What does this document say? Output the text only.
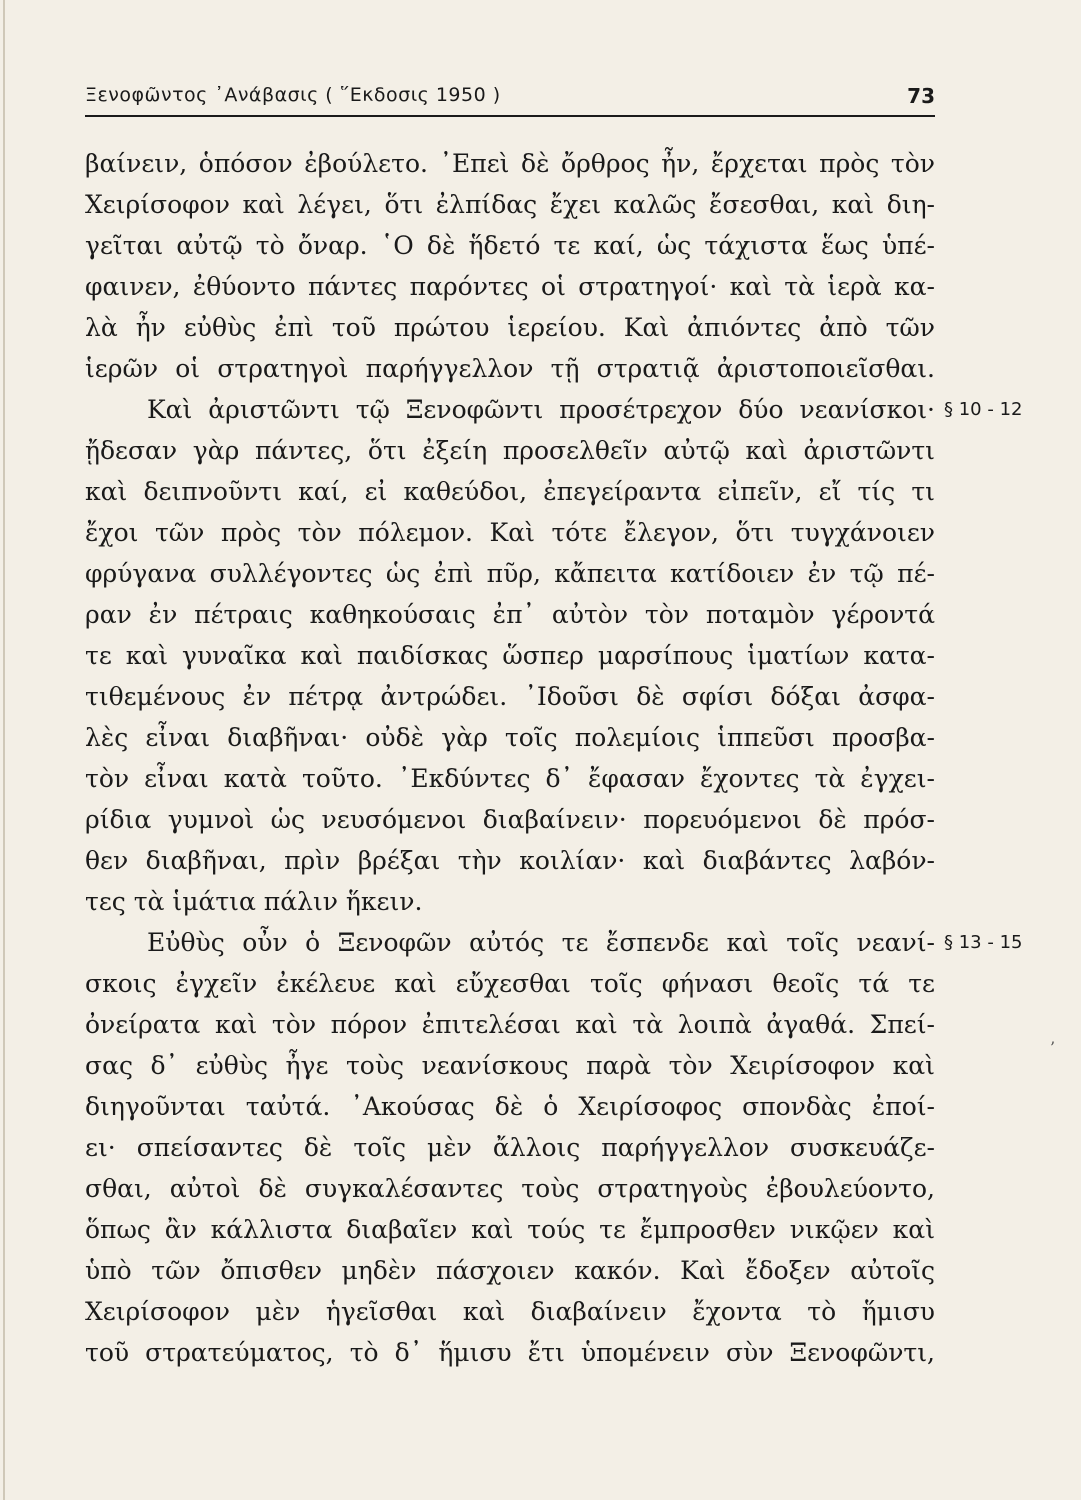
Ξενοφῶντος ᾿Ανάβασις ( ῞Εκδοσις 1950 )	73
βαίνειν, ὁπόσον ἐβούλετο. ᾿Επεὶ δὲ ὄρθρος ἦν, ἔρχεται πρὸς τὸν
Χειρίσοφον καὶ λέγει, ὅτι ἐλπίδας ἔχει καλῶς ἔσεσθαι, καὶ διη-
γεῖται αὐτῷ τὸ ὄναρ. ῾Ο δὲ ἥδετό τε καί, ὡς τάχιστα ἕως ὑπέ-
φαινεν, ἐθύοντο πάντες παρόντες οἱ στρατηγοί· καὶ τὰ ἱερὰ κα-
λὰ ἦν εὐθὺς ἐπὶ τοῦ πρώτου ἱερείου. Καὶ ἀπιόντες ἀπὸ τῶν
ἱερῶν οἱ στρατηγοὶ παρήγγελλον τῇ στρατιᾷ ἀριστοποιεῖσθαι.
Καὶ ἀριστῶντι τῷ Ξενοφῶντι προσέτρεχον δύο νεανίσκοι·
ᾔδεσαν γὰρ πάντες, ὅτι ἐξείη προσελθεῖν αὐτῷ καὶ ἀριστῶντι
καὶ δειπνοῦντι καί, εἰ καθεύδοι, ἐπεγείραντα εἰπεῖν, εἴ τίς τι
ἔχοι τῶν πρὸς τὸν πόλεμον. Καὶ τότε ἔλεγον, ὅτι τυγχάνοιεν
φρύγανα συλλέγοντες ὡς ἐπὶ πῦρ, κἄπειτα κατίδοιεν ἐν τῷ πέ-
ραν ἐν πέτραις καθηκούσαις ἐπ᾿ αὐτὸν τὸν ποταμὸν γέροντά
τε καὶ γυναῖκα καὶ παιδίσκας ὥσπερ μαρσίπους ἱματίων κατα-
τιθεμένους ἐν πέτρᾳ ἀντρώδει. ᾿Ιδοῦσι δὲ σφίσι δόξαι ἀσφα-
λὲς εἶναι διαβῆναι· οὐδὲ γὰρ τοῖς πολεμίοις ἱππεῦσι προσβα-
τὸν εἶναι κατὰ τοῦτο. ᾿Εκδύντες δ᾿ ἔφασαν ἔχοντες τὰ ἐγχει-
ρίδια γυμνοὶ ὡς νευσόμενοι διαβαίνειν· πορευόμενοι δὲ πρόσ-
θεν διαβῆναι, πρὶν βρέξαι τὴν κοιλίαν· καὶ διαβάντες λαβόν-
τες τὰ ἱμάτια πάλιν ἥκειν.
Εὐθὺς οὖν ὁ Ξενοφῶν αὐτός τε ἔσπενδε καὶ τοῖς νεανί-
σκοις ἐγχεῖν ἐκέλευε καὶ εὔχεσθαι τοῖς φήνασι θεοῖς τά τε
ὀνείρατα καὶ τὸν πόρον ἐπιτελέσαι καὶ τὰ λοιπὰ ἀγαθά. Σπεί-
σας δ᾿ εὐθὺς ἦγε τοὺς νεανίσκους παρὰ τὸν Χειρίσοφον καὶ
διηγοῦνται ταὐτά. ᾿Ακούσας δὲ ὁ Χειρίσοφος σπονδὰς ἐποί-
ει· σπείσαντες δὲ τοῖς μὲν ἄλλοις παρήγγελλον συσκευάζε-
σθαι, αὐτοὶ δὲ συγκαλέσαντες τοὺς στρατηγοὺς ἐβουλεύοντο,
ὅπως ἂν κάλλιστα διαβαῖεν καὶ τούς τε ἔμπροσθεν νικῷεν καὶ
ὑπὸ τῶν ὄπισθεν μηδὲν πάσχοιεν κακόν. Καὶ ἔδοξεν αὐτοῖς
Χειρίσοφον μὲν ἡγεῖσθαι καὶ διαβαίνειν ἔχοντα τὸ ἥμισυ
τοῦ στρατεύματος, τὸ δ᾿ ἥμισυ ἔτι ὑπομένειν σὺν Ξενοφῶντι,
§ 10 - 12
§ 13 - 15
’
